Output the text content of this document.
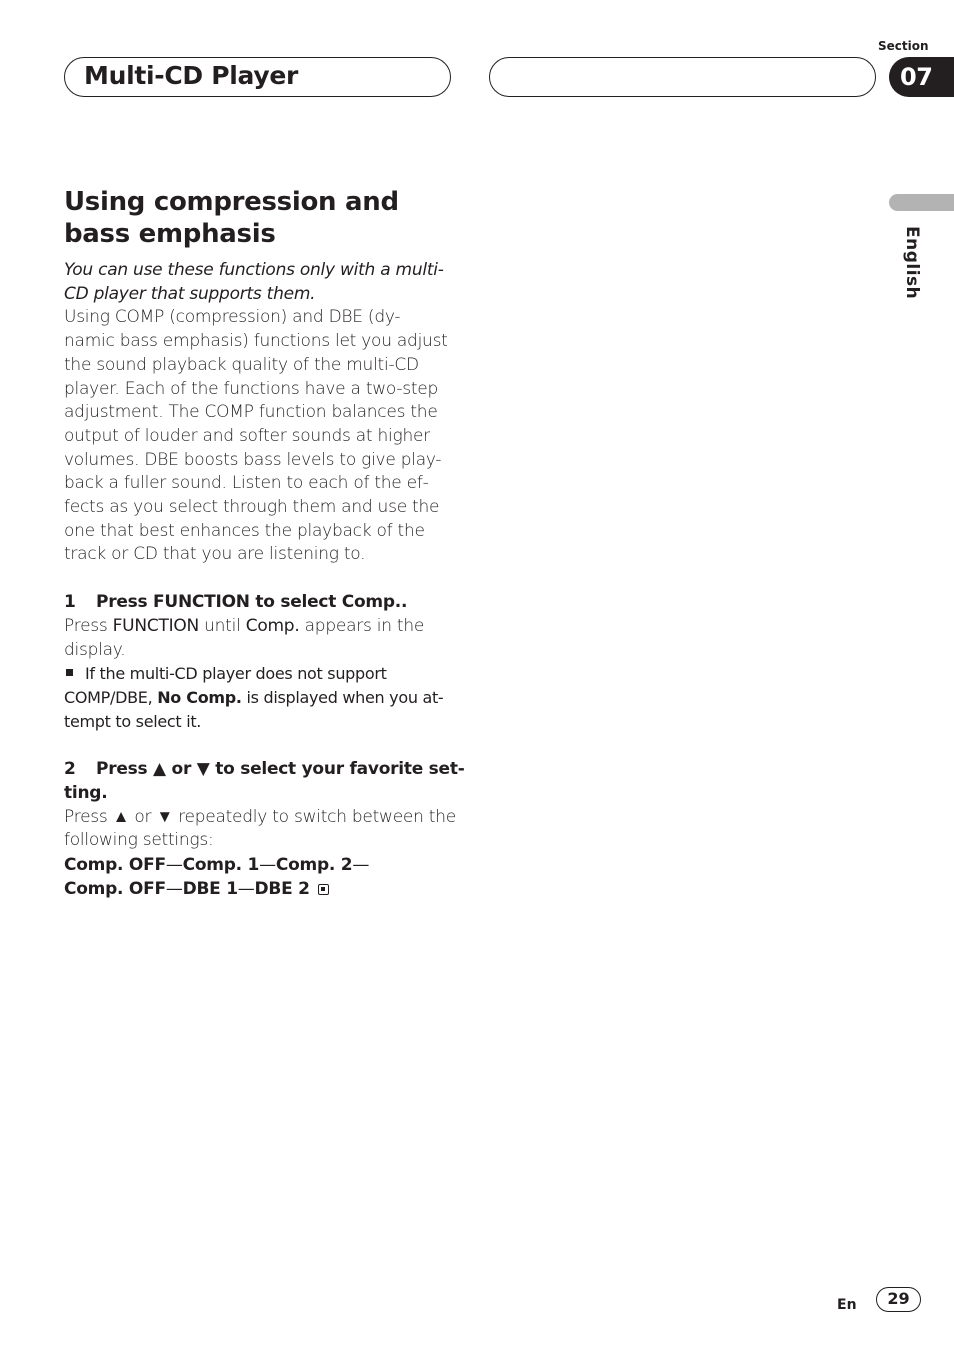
Multi-CD Player
Section
07
English
Using compression and
bass emphasis
You can use these functions only with a multi-
CD player that supports them.
Using COMP (compression) and DBE (dy-
namic bass emphasis) functions let you adjust
the sound playback quality of the multi-CD
player. Each of the functions have a two-step
adjustment. The COMP function balances the
output of louder and softer sounds at higher
volumes. DBE boosts bass levels to give play-
back a fuller sound. Listen to each of the ef-
fects as you select through them and use the
one that best enhances the playback of the
track or CD that you are listening to.
1 Press FUNCTION to select Comp..
Press FUNCTION until Comp. appears in the
display.
If the multi-CD player does not support
COMP/DBE, No Comp. is displayed when you at-
tempt to select it.
2 Press ▲ or ▼ to select your favorite set-
ting.
Press ▲ or ▼ repeatedly to switch between the
following settings:
Comp. OFF—Comp. 1—Comp. 2—
Comp. OFF—DBE 1—DBE 2
En	29
